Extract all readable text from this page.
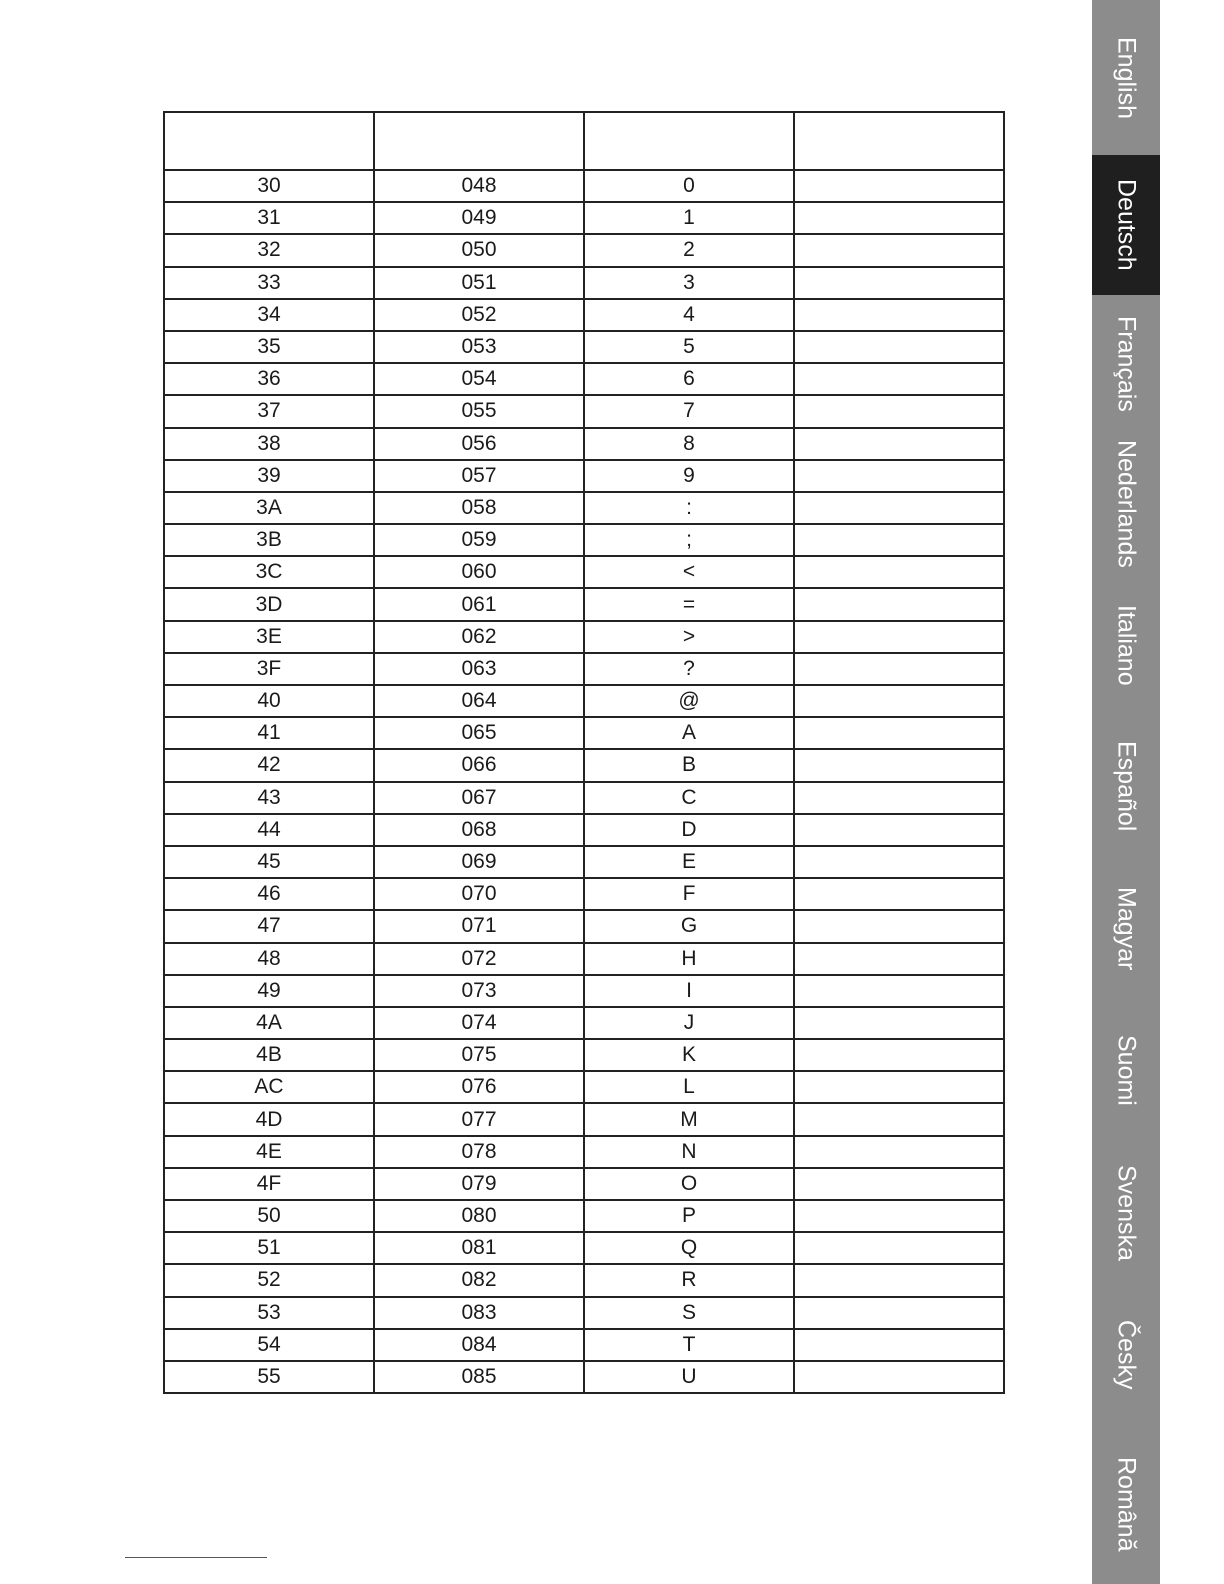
30	048	0	
31	049	1	
32	050	2	
33	051	3	
34	052	4	
35	053	5	
36	054	6	
37	055	7	
38	056	8	
39	057	9	
3A	058	:	
3B	059	;	
3C	060	<	
3D	061	=	
3E	062	>	
3F	063	?	
40	064	@	
41	065	A	
42	066	B	
43	067	C	
44	068	D	
45	069	E	
46	070	F	
47	071	G	
48	072	H	
49	073	I	
4A	074	J	
4B	075	K	
AC	076	L	
4D	077	M	
4E	078	N	
4F	079	O	
50	080	P	
51	081	Q	
52	082	R	
53	083	S	
54	084	T	
55	085	U	
English
Deutsch
Français
Nederlands
Italiano
Español
Magyar
Suomi
Svenska
Česky
Română
